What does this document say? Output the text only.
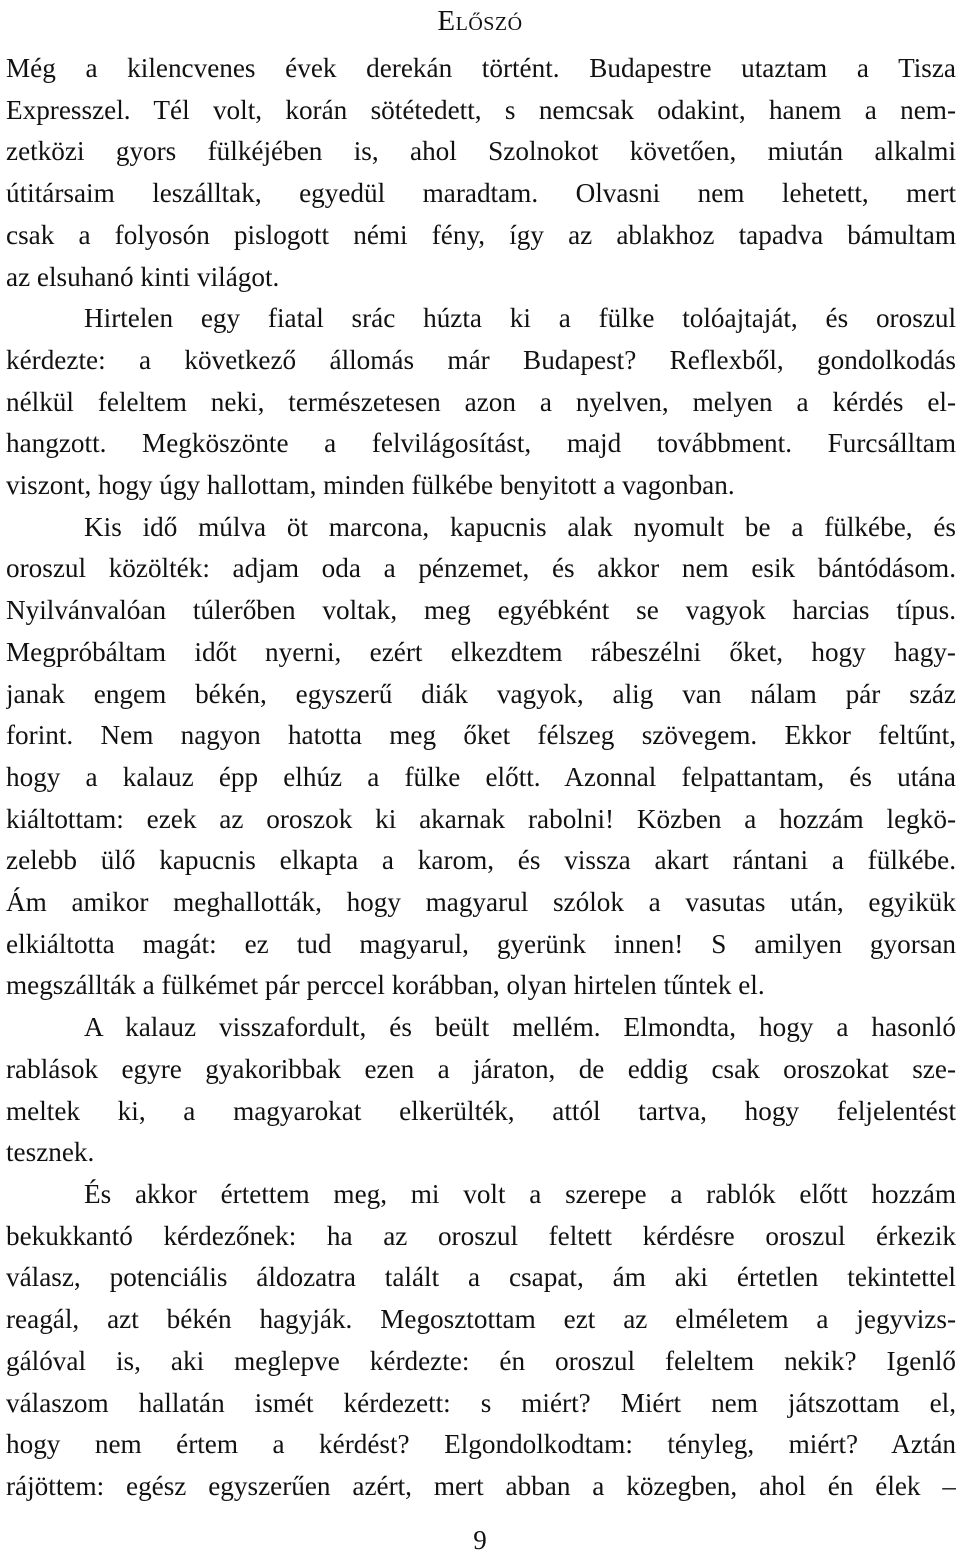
Előszó
Még a kilencvenes évek derekán történt. Budapestre utaztam a Tisza
Expresszel. Tél volt, korán sötétedett, s nemcsak odakint, hanem a nem-
zetközi gyors fülkéjében is, ahol Szolnokot követően, miután alkalmi
útitársaim leszálltak, egyedül maradtam. Olvasni nem lehetett, mert
csak a folyosón pislogott némi fény, így az ablakhoz tapadva bámultam
az elsuhanó kinti világot.
Hirtelen egy fiatal srác húzta ki a fülke tolóajtaját, és oroszul
kérdezte: a következő állomás már Budapest? Reflexből, gondolkodás
nélkül feleltem neki, természetesen azon a nyelven, melyen a kérdés el-
hangzott. Megköszönte a felvilágosítást, majd továbbment. Furcsálltam
viszont, hogy úgy hallottam, minden fülkébe benyitott a vagonban.
Kis idő múlva öt marcona, kapucnis alak nyomult be a fülkébe, és
oroszul közölték: adjam oda a pénzemet, és akkor nem esik bántódásom.
Nyilvánvalóan túlerőben voltak, meg egyébként se vagyok harcias típus.
Megpróbáltam időt nyerni, ezért elkezdtem rábeszélni őket, hogy hagy-
janak engem békén, egyszerű diák vagyok, alig van nálam pár száz
forint. Nem nagyon hatotta meg őket félszeg szövegem. Ekkor feltűnt,
hogy a kalauz épp elhúz a fülke előtt. Azonnal felpattantam, és utána
kiáltottam: ezek az oroszok ki akarnak rabolni! Közben a hozzám legkö-
zelebb ülő kapucnis elkapta a karom, és vissza akart rántani a fülkébe.
Ám amikor meghallották, hogy magyarul szólok a vasutas után, egyikük
elkiáltotta magát: ez tud magyarul, gyerünk innen! S amilyen gyorsan
megszállták a fülkémet pár perccel korábban, olyan hirtelen tűntek el.
A kalauz visszafordult, és beült mellém. Elmondta, hogy a hasonló
rablások egyre gyakoribbak ezen a járaton, de eddig csak oroszokat sze-
meltek ki, a magyarokat elkerülték, attól tartva, hogy feljelentést
tesznek.
És akkor értettem meg, mi volt a szerepe a rablók előtt hozzám
bekukkantó kérdezőnek: ha az oroszul feltett kérdésre oroszul érkezik
válasz, potenciális áldozatra talált a csapat, ám aki értetlen tekintettel
reagál, azt békén hagyják. Megosztottam ezt az elméletem a jegyvizs-
gálóval is, aki meglepve kérdezte: én oroszul feleltem nekik? Igenlő
válaszom hallatán ismét kérdezett: s miért? Miért nem játszottam el,
hogy nem értem a kérdést? Elgondolkodtam: tényleg, miért? Aztán
rájöttem: egész egyszerűen azért, mert abban a közegben, ahol én élek –
9
